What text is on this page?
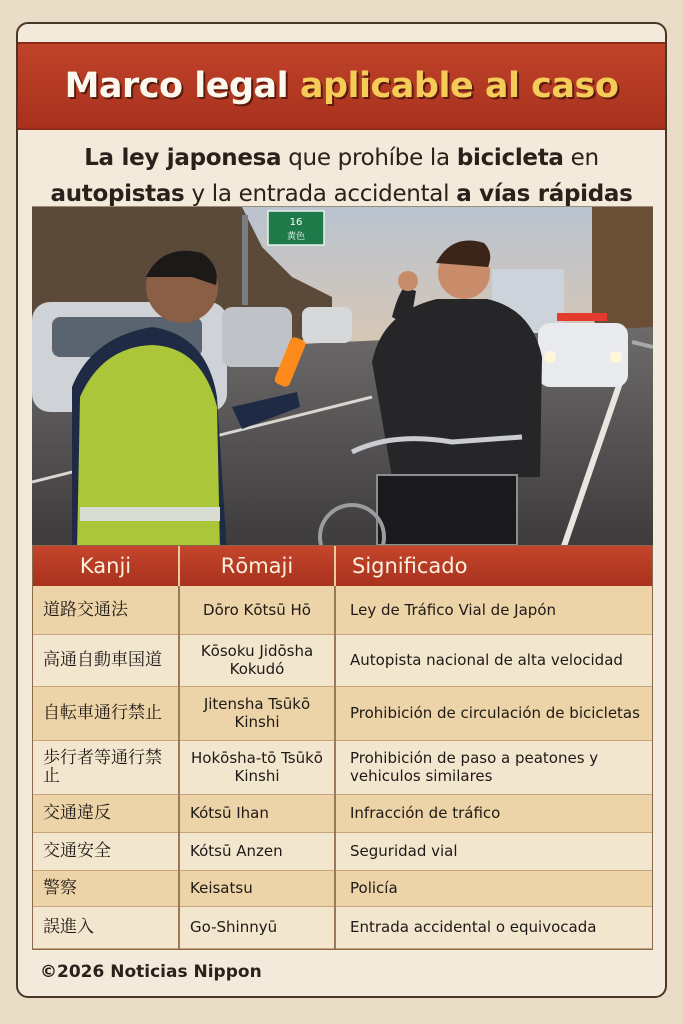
Marco legal aplicable al caso
La ley japonesa que prohíbe la bicicleta en
autopistas y la entrada accidental a vías rápidas
16
黄色
Kanji	Rōmaji	Significado
道路交通法	Dōro Kōtsū Hō	Ley de Tráfico Vial de Japón
高通自動車国道	Kōsoku Jidōsha Kokudó	Autopista nacional de alta velocidad
自転車通行禁止	Jitensha Tsūkō Kinshi	Prohibición de circulación de bicicletas
歩行者等通行禁止	Hokōsha-tō Tsūkō Kinshi	Prohibición de paso a peatones y vehiculos similares
交通違反	Kótsū Ihan	Infracción de tráfico
交通安全	Kótsū Anzen	Seguridad vial
警察	Keisatsu	Policía
誤進入	Go-Shinnyū	Entrada accidental o equivocada
©2026 Noticias Nippon
